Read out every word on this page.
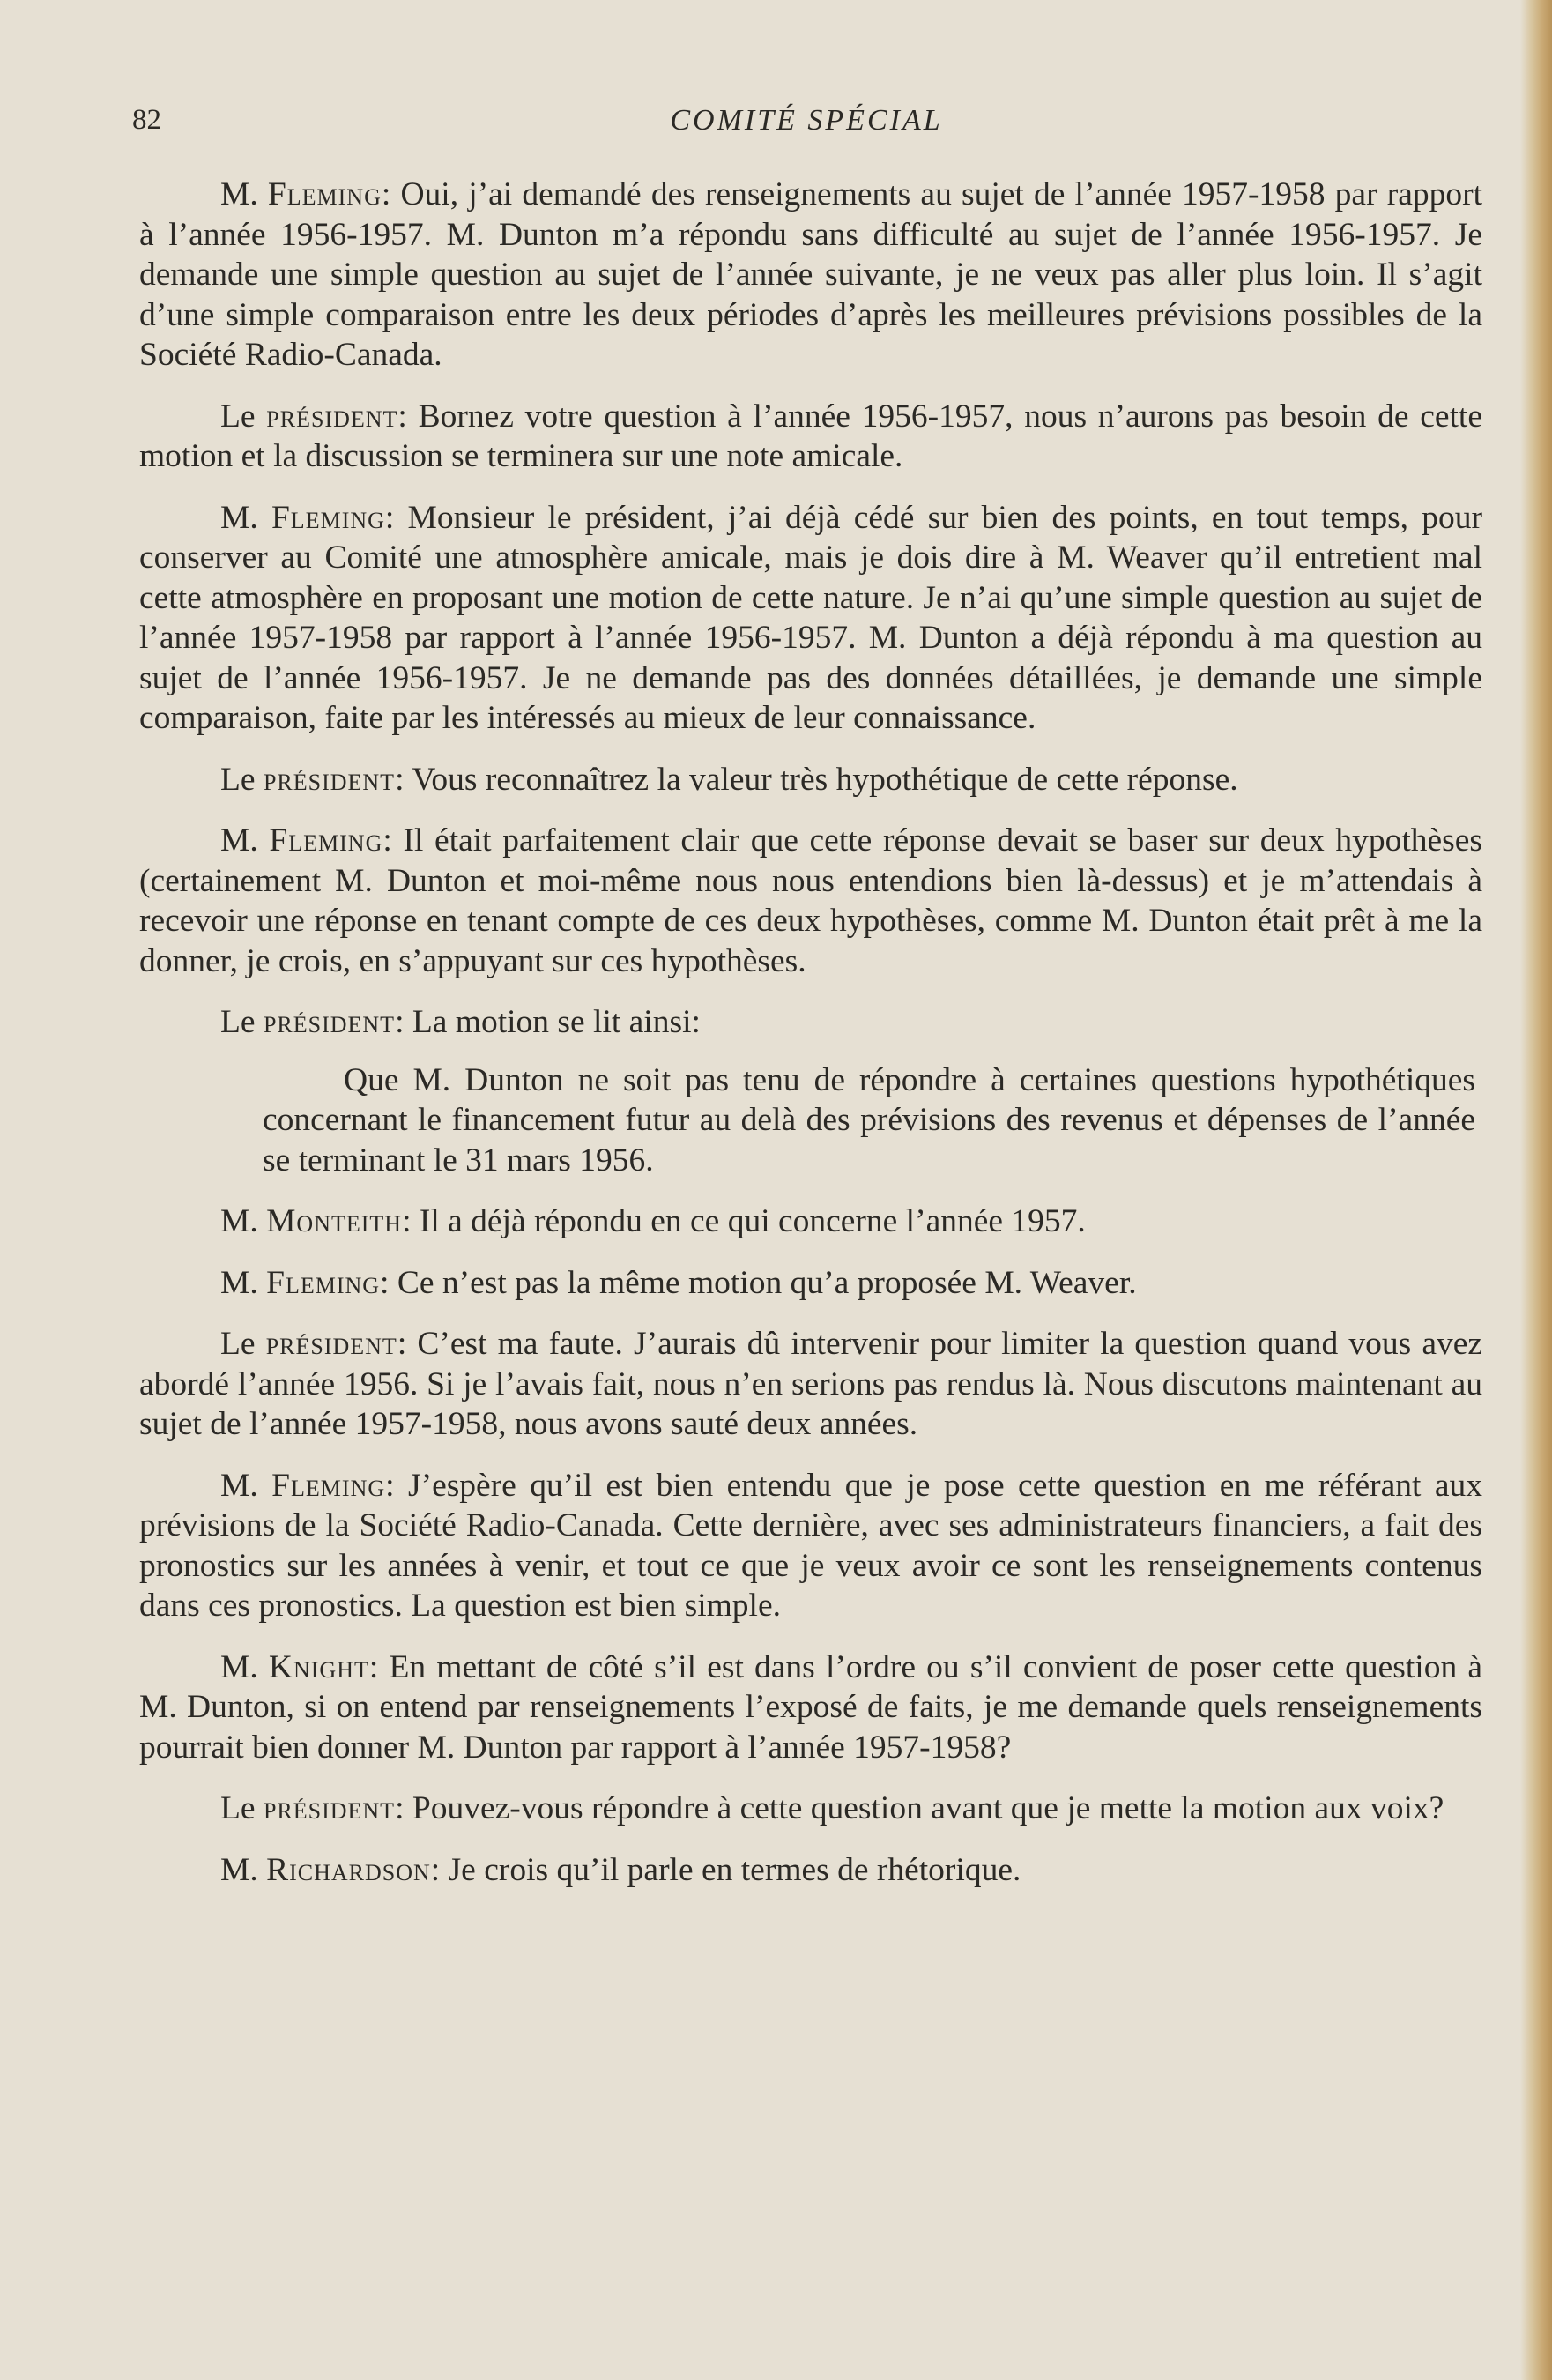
82	COMITÉ SPÉCIAL

M. Fleming: Oui, j’ai demandé des renseignements au sujet de l’année 1957-1958 par rapport à l’année 1956-1957. M. Dunton m’a répondu sans difficulté au sujet de l’année 1956-1957. Je demande une simple question au sujet de l’année suivante, je ne veux pas aller plus loin. Il s’agit d’une simple comparaison entre les deux périodes d’après les meilleures prévisions possibles de la Société Radio-Canada.

Le président: Bornez votre question à l’année 1956-1957, nous n’aurons pas besoin de cette motion et la discussion se terminera sur une note amicale.

M. Fleming: Monsieur le président, j’ai déjà cédé sur bien des points, en tout temps, pour conserver au Comité une atmosphère amicale, mais je dois dire à M. Weaver qu’il entretient mal cette atmosphère en proposant une motion de cette nature. Je n’ai qu’une simple question au sujet de l’année 1957-1958 par rapport à l’année 1956-1957. M. Dunton a déjà répondu à ma question au sujet de l’année 1956-1957. Je ne demande pas des données détaillées, je demande une simple comparaison, faite par les intéressés au mieux de leur connaissance.

Le président: Vous reconnaîtrez la valeur très hypothétique de cette réponse.

M. Fleming: Il était parfaitement clair que cette réponse devait se baser sur deux hypothèses (certainement M. Dunton et moi-même nous nous entendions bien là-dessus) et je m’attendais à recevoir une réponse en tenant compte de ces deux hypothèses, comme M. Dunton était prêt à me la donner, je crois, en s’appuyant sur ces hypothèses.

Le président: La motion se lit ainsi:

Que M. Dunton ne soit pas tenu de répondre à certaines questions hypothétiques concernant le financement futur au delà des prévisions des revenus et dépenses de l’année se terminant le 31 mars 1956.

M. Monteith: Il a déjà répondu en ce qui concerne l’année 1957.

M. Fleming: Ce n’est pas la même motion qu’a proposée M. Weaver.

Le président: C’est ma faute. J’aurais dû intervenir pour limiter la question quand vous avez abordé l’année 1956. Si je l’avais fait, nous n’en serions pas rendus là. Nous discutons maintenant au sujet de l’année 1957-1958, nous avons sauté deux années.

M. Fleming: J’espère qu’il est bien entendu que je pose cette question en me référant aux prévisions de la Société Radio-Canada. Cette dernière, avec ses administrateurs financiers, a fait des pronostics sur les années à venir, et tout ce que je veux avoir ce sont les renseignements contenus dans ces pronostics. La question est bien simple.

M. Knight: En mettant de côté s’il est dans l’ordre ou s’il convient de poser cette question à M. Dunton, si on entend par renseignements l’exposé de faits, je me demande quels renseignements pourrait bien donner M. Dunton par rapport à l’année 1957-1958?

Le président: Pouvez-vous répondre à cette question avant que je mette la motion aux voix?

M. Richardson: Je crois qu’il parle en termes de rhétorique.
